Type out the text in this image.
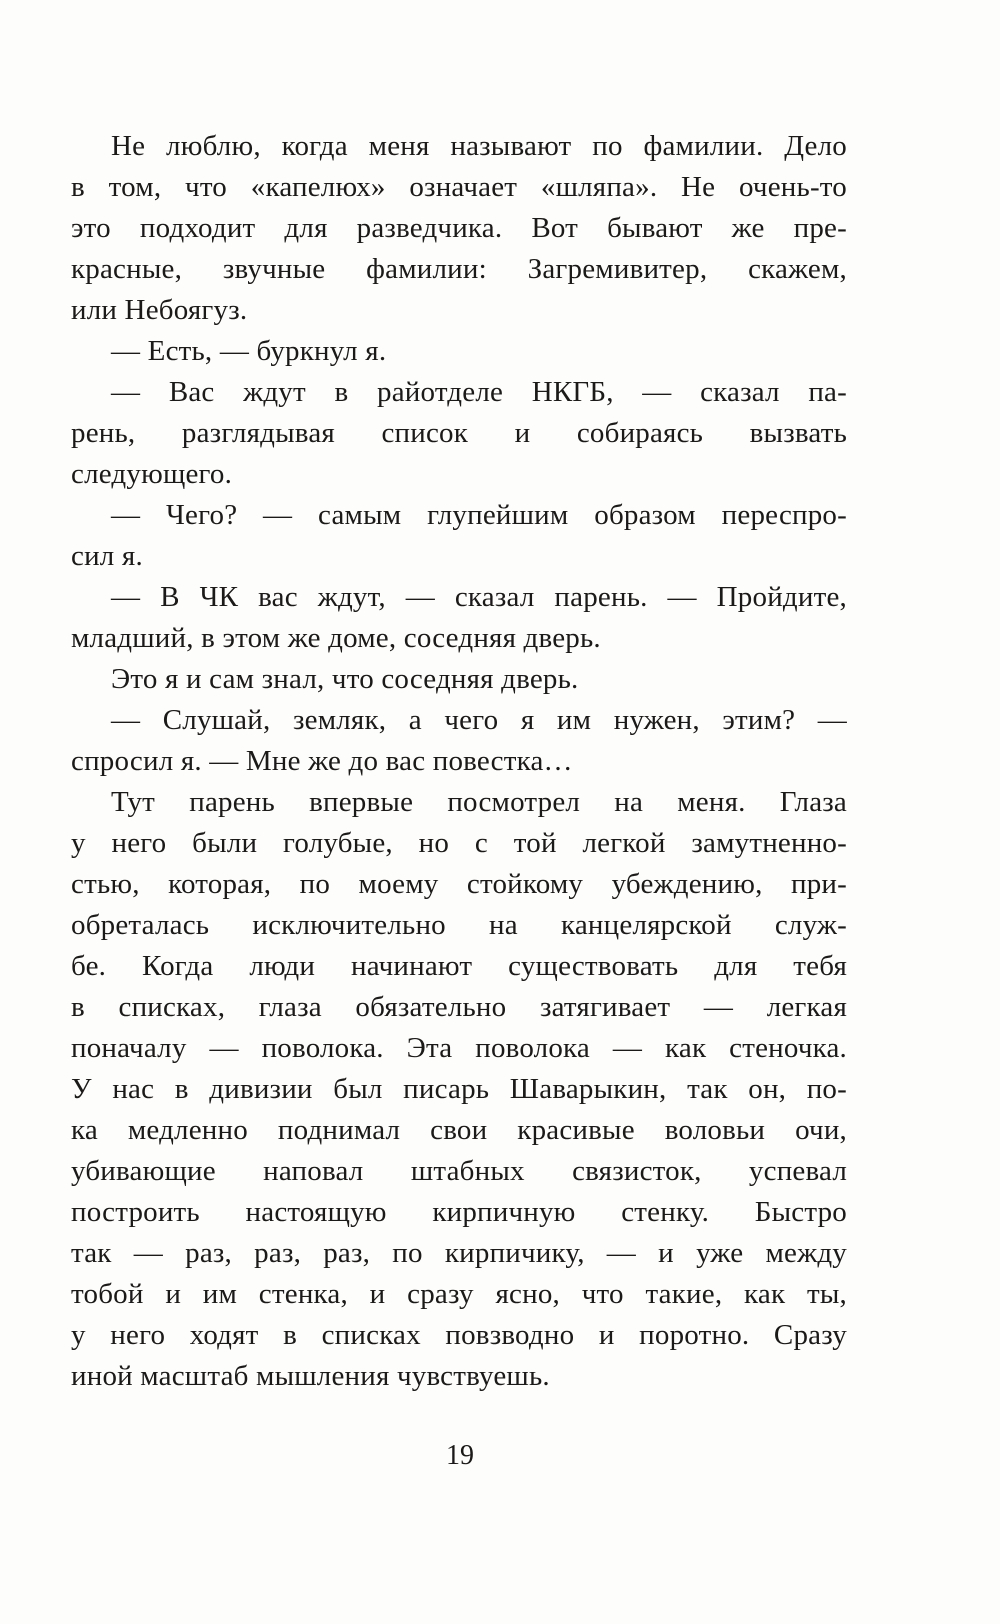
Не люблю, когда меня называют по фамилии. Дело
в том, что «капелюх» означает «шляпа». Не очень-то
это подходит для разведчика. Вот бывают же пре-
красные, звучные фамилии: Загремивитер, скажем,
или Небоягуз.
— Есть, — буркнул я.
— Вас ждут в райотделе НКГБ, — сказал па-
рень, разглядывая список и собираясь вызвать
следующего.
— Чего? — самым глупейшим образом переспро-
сил я.
— В ЧК вас ждут, — сказал парень. — Пройдите,
младший, в этом же доме, соседняя дверь.
Это я и сам знал, что соседняя дверь.
— Слушай, земляк, а чего я им нужен, этим? —
спросил я. — Мне же до вас повестка…
Тут парень впервые посмотрел на меня. Глаза
у него были голубые, но с той легкой замутненно-
стью, которая, по моему стойкому убеждению, при-
обреталась исключительно на канцелярской служ-
бе. Когда люди начинают существовать для тебя
в списках, глаза обязательно затягивает — легкая
поначалу — поволока. Эта поволока — как стеночка.
У нас в дивизии был писарь Шаварыкин, так он, по-
ка медленно поднимал свои красивые воловьи очи,
убивающие наповал штабных связисток, успевал
построить настоящую кирпичную стенку. Быстро
так — раз, раз, раз, по кирпичику, — и уже между
тобой и им стенка, и сразу ясно, что такие, как ты,
у него ходят в списках повзводно и поротно. Сразу
иной масштаб мышления чувствуешь.
19
